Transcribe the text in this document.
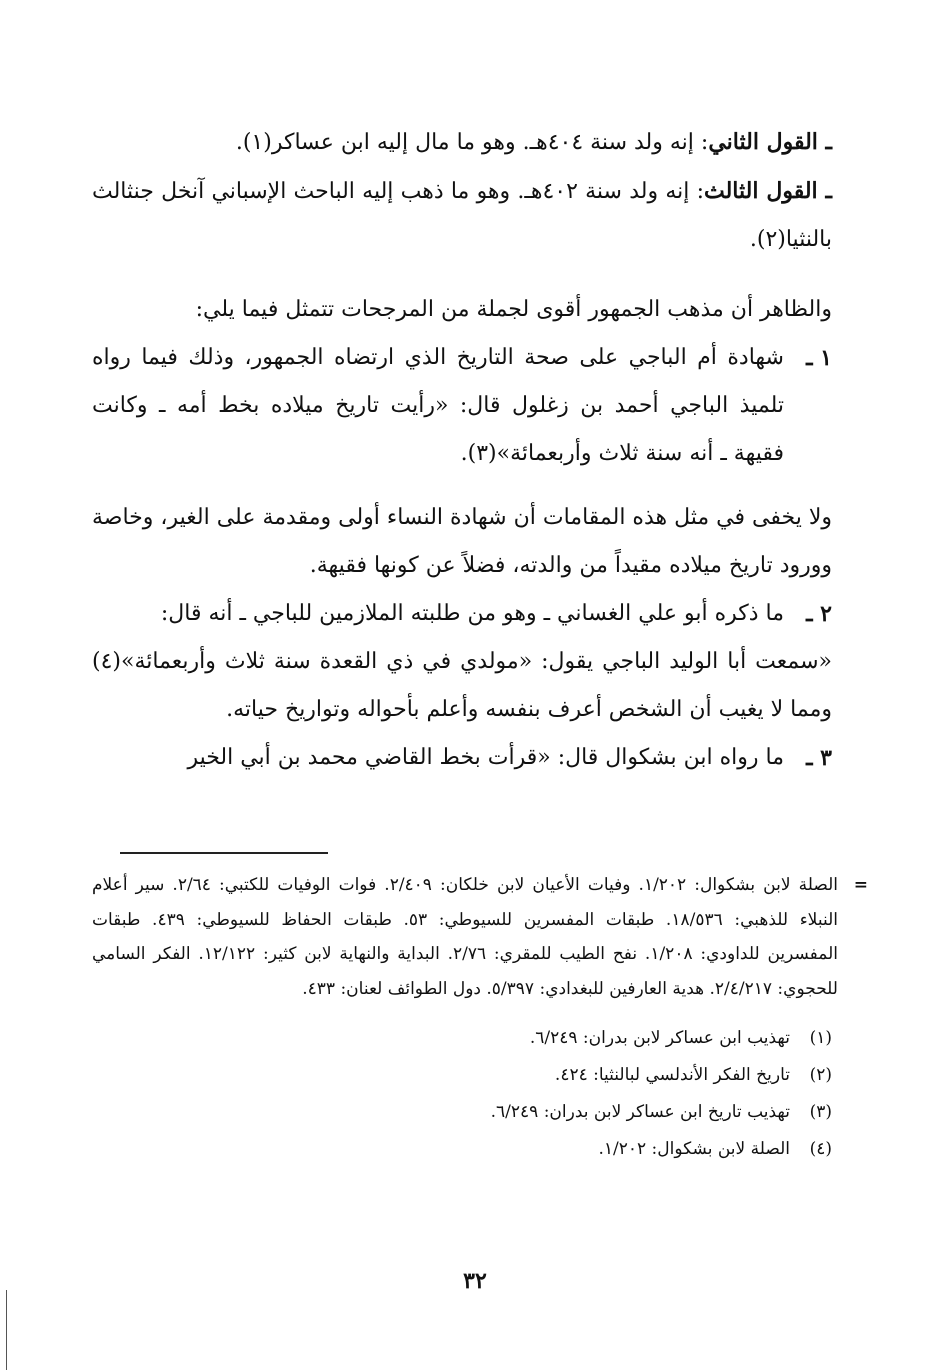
ـ القول الثاني: إنه ولد سنة ٤٠٤هـ. وهو ما مال إليه ابن عساكر(١).

ـ القول الثالث: إنه ولد سنة ٤٠٢هـ. وهو ما ذهب إليه الباحث الإسباني آنخل جنثالث بالنثيا(٢).

والظاهر أن مذهب الجمهور أقوى لجملة من المرجحات تتمثل فيما يلي:

١ ـ
شهادة أم الباجي على صحة التاريخ الذي ارتضاه الجمهور، وذلك فيما رواه تلميذ الباجي أحمد بن زغلول قال: «رأيت تاريخ ميلاده بخط أمه ـ وكانت فقيهة ـ أنه سنة ثلاث وأربعمائة»(٣).

ولا يخفى في مثل هذه المقامات أن شهادة النساء أولى ومقدمة على الغير، وخاصة وورود تاريخ ميلاده مقيداً من والدته، فضلاً عن كونها فقيهة.

٢ ـ
ما ذكره أبو علي الغساني ـ وهو من طلبته الملازمين للباجي ـ أنه قال:

«سمعت أبا الوليد الباجي يقول: «مولدي في ذي القعدة سنة ثلاث وأربعمائة»(٤) ومما لا يغيب أن الشخص أعرف بنفسه وأعلم بأحواله وتواريخ حياته.

٣ ـ
ما رواه ابن بشكوال قال: «قرأت بخط القاضي محمد بن أبي الخير
=
الصلة لابن بشكوال: ١/٢٠٢. وفيات الأعيان لابن خلكان: ٢/٤٠٩. فوات الوفيات للكتبي: ٢/٦٤. سير أعلام النبلاء للذهبي: ١٨/٥٣٦. طبقات المفسرين للسيوطي: ٥٣. طبقات الحفاظ للسيوطي: ٤٣٩. طبقات المفسرين للداودي: ١/٢٠٨. نفح الطيب للمقري: ٢/٧٦. البداية والنهاية لابن كثير: ١٢/١٢٢. الفكر السامي للحجوي: ٢/٤/٢١٧. هدية العارفين للبغدادي: ٥/٣٩٧. دول الطوائف لعنان: ٤٣٣.
(١)
تهذيب ابن عساكر لابن بدران: ٦/٢٤٩.
(٢)
تاريخ الفكر الأندلسي لبالنثيا: ٤٢٤.
(٣)
تهذيب تاريخ ابن عساكر لابن بدران: ٦/٢٤٩.
(٤)
الصلة لابن بشكوال: ١/٢٠٢.
٣٢
